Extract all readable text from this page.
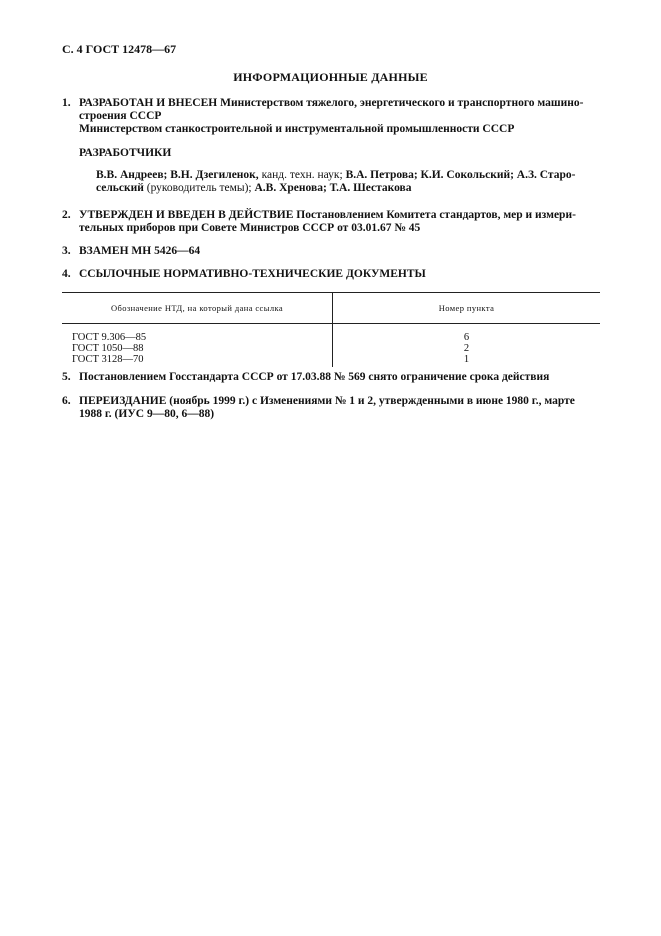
С. 4 ГОСТ 12478—67
ИНФОРМАЦИОННЫЕ ДАННЫЕ
1. РАЗРАБОТАН И ВНЕСЕН Министерством тяжелого, энергетического и транспортного машино-
строения СССР
Министерством станкостроительной и инструментальной промышленности СССР
РАЗРАБОТЧИКИ
В.В. Андреев; В.Н. Дзегиленок, канд. техн. наук; В.А. Петрова; К.И. Сокольский; А.З. Старо-
сельский (руководитель темы); А.В. Хренова; Т.А. Шестакова
2. УТВЕРЖДЕН И ВВЕДЕН В ДЕЙСТВИЕ Постановлением Комитета стандартов, мер и измери-
тельных приборов при Совете Министров СССР от 03.01.67 № 45
3. ВЗАМЕН МН 5426—64
4. ССЫЛОЧНЫЕ НОРМАТИВНО-ТЕХНИЧЕСКИЕ ДОКУМЕНТЫ
Обозначение НТД, на который дана ссылка	Номер пункта
ГОСТ 9.306—85	6
ГОСТ 1050—88	2
ГОСТ 3128—70	1
5. Постановлением Госстандарта СССР от 17.03.88 № 569 снято ограничение срока действия
6. ПЕРЕИЗДАНИЕ (ноябрь 1999 г.) с Изменениями № 1 и 2, утвержденными в июне 1980 г., марте
1988 г. (ИУС 9—80, 6—88)
